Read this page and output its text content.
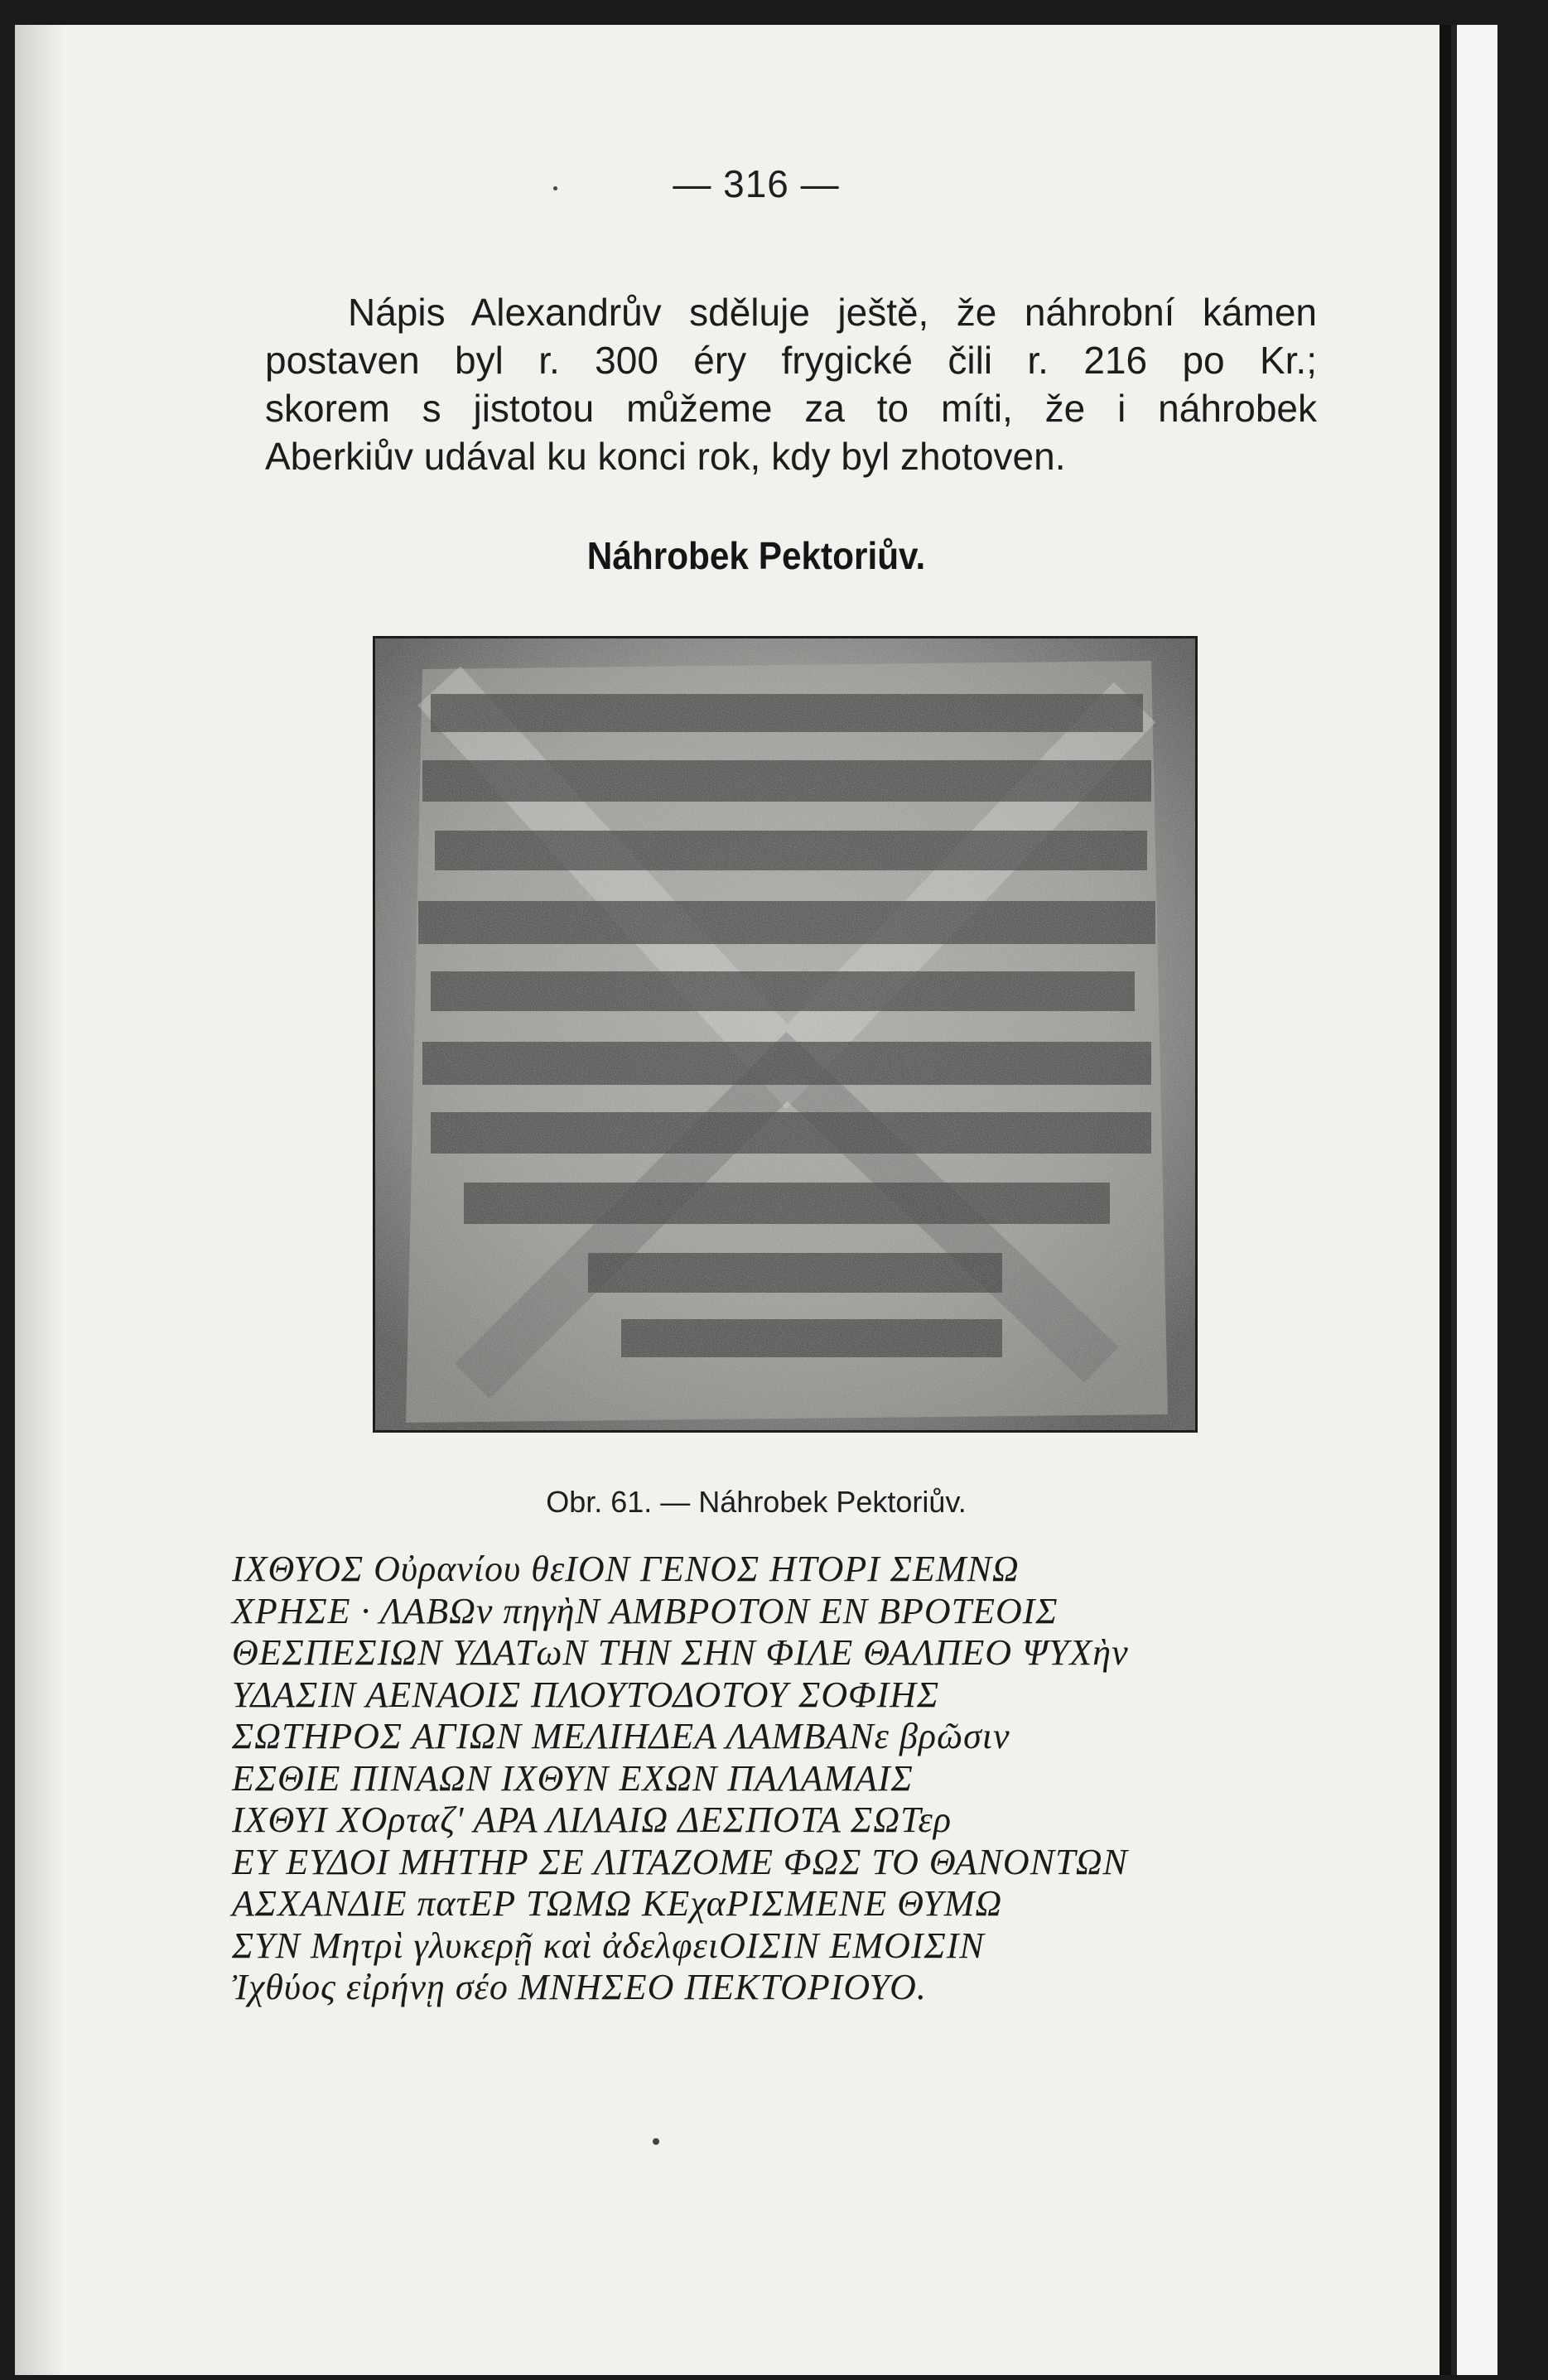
— 316 —
Nápis Alexandrův sděluje ještě, že náhrobní kámen
postaven byl r. 300 éry frygické čili r. 216 po Kr.;
skorem s jistotou můžeme za to míti, že i náhrobek
Aberkiův udával ku konci rok, kdy byl zhotoven.
Náhrobek Pektoriův.
Obr. 61. — Náhrobek Pektoriův.
ΙΧΘΥΟΣ Οὐρανίου θεΙΟΝ ΓΕΝΟΣ ΗΤΟΡΙ ΣΕΜΝΩ
ΧΡΗΣΕ · ΛΑΒΩν πηγὴΝ ΑΜΒΡΟΤΟΝ ΕΝ ΒΡΟΤΕΟΙΣ
ΘΕΣΠΕΣΙΩΝ ΥΔΑΤωΝ ΤΗΝ ΣΗΝ ΦΙΛΕ ΘΑΛΠΕΟ ΨΥΧὴν
ΥΔΑΣΙΝ ΑΕΝΑΟΙΣ ΠΛΟΥΤΟΔΟΤΟΥ ΣΟΦΙΗΣ
ΣΩΤΗΡΟΣ ΑΓΙΩΝ ΜΕΛΙΗΔΕΑ ΛΑΜΒΑΝε βρῶσιν
ΕΣΘΙΕ ΠΙΝΑΩΝ ΙΧΘΥΝ ΕΧΩΝ ΠΑΛΑΜΑΙΣ
ΙΧΘΥΙ ΧΟρταζ' ΑΡΑ ΛΙΛΑΙΩ ΔΕΣΠΟΤΑ ΣΩΤερ
ΕΥ ΕΥΔΟΙ ΜΗΤΗΡ ΣΕ ΛΙΤΑΖΟΜΕ ΦΩΣ ΤΟ ΘΑΝΟΝΤΩΝ
ΑΣΧΑΝΔΙΕ πατΕΡ ΤΩΜΩ ΚΕχαΡΙΣΜΕΝΕ ΘΥΜΩ
ΣΥΝ Μητρὶ γλυκερῇ καὶ ἀδελφειΟΙΣΙΝ ΕΜΟΙΣΙΝ
Ἰχθύος εἰρήνῃ σέο ΜΝΗΣΕΟ ΠΕΚΤΟΡΙΟΥΟ.
